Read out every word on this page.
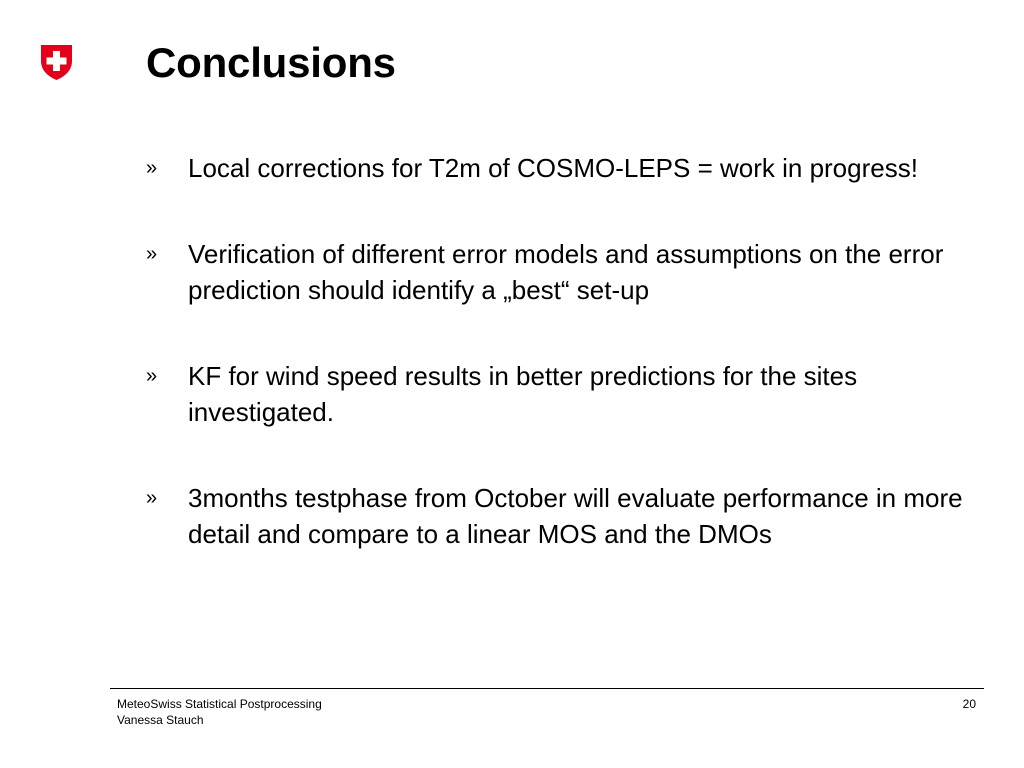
Conclusions
» Local corrections for T2m of COSMO-LEPS = work in progress!
» Verification of different error models and assumptions on the error prediction should identify a „best“ set-up
» KF for wind speed results in better predictions for the sites investigated.
» 3months testphase from October will evaluate performance in more detail and compare to a linear MOS and the DMOs
MeteoSwiss Statistical Postprocessing
Vanessa Stauch
20
